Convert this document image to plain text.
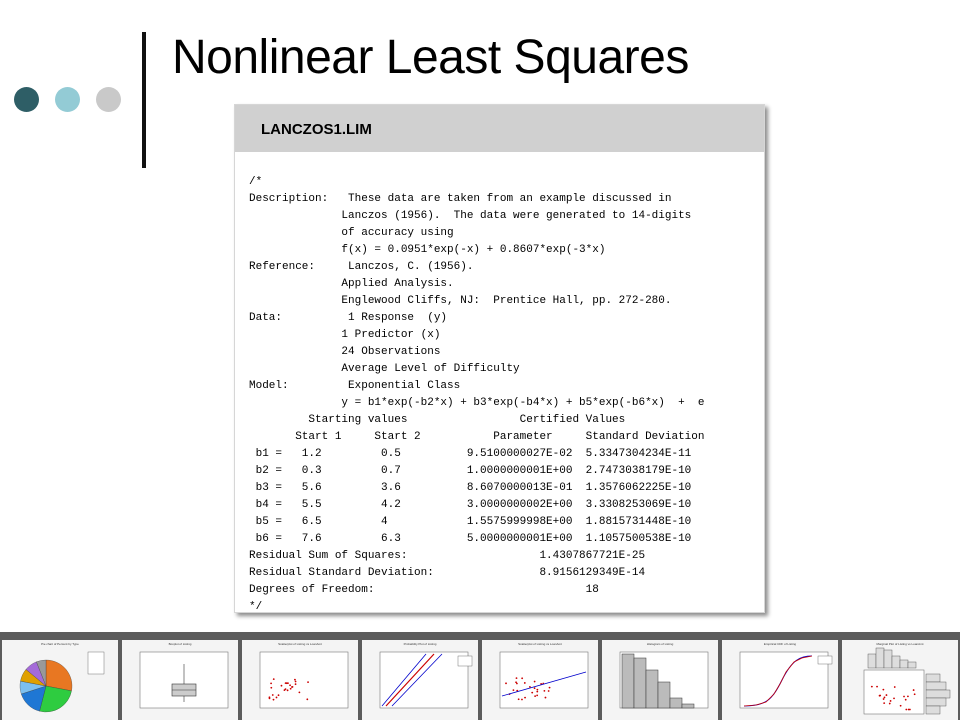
Nonlinear Least Squares
LANCZOS1.LIM
/*
Description:   These data are taken from an example discussed in
Lanczos (1956).  The data were generated to 14-digits
of accuracy using
f(x) = 0.0951*exp(-x) + 0.8607*exp(-3*x)
Reference:     Lanczos, C. (1956).
Applied Analysis.
Englewood Cliffs, NJ:  Prentice Hall, pp. 272-280.
Data:          1 Response  (y)
1 Predictor (x)
24 Observations
Average Level of Difficulty
Model:         Exponential Class
y = b1*exp(-b2*x) + b3*exp(-b4*x) + b5*exp(-b6*x)  +  e
Starting values                 Certified Values
Start 1     Start 2           Parameter     Standard Deviation
b1 =   1.2         0.5          9.5100000027E-02  5.3347304234E-11
b2 =   0.3         0.7          1.0000000001E+00  2.7473038179E-10
b3 =   5.6         3.6          8.6070000013E-01  1.3576062225E-10
b4 =   5.5         4.2          3.0000000002E+00  3.3308253069E-10
b5 =   6.5         4            1.5575999998E+00  1.8815731448E-10
b6 =   7.6         6.3          5.0000000001E+00  1.1057500538E-10
Residual Sum of Squares:                    1.4307867721E-25
Residual Standard Deviation:                8.9156129349E-14
Degrees of Freedom:                                18
*/
Pie chart of Percent by Type	Boxplot of Listing	Scatterplot of Listing vs LoanAmt	Probability Plot of Listing	Scatterplot of Listing vs LoanAmt	Histogram of Listing	Empirical CDF of Listing	Marginal Plot of Listing vs LoanAmt
